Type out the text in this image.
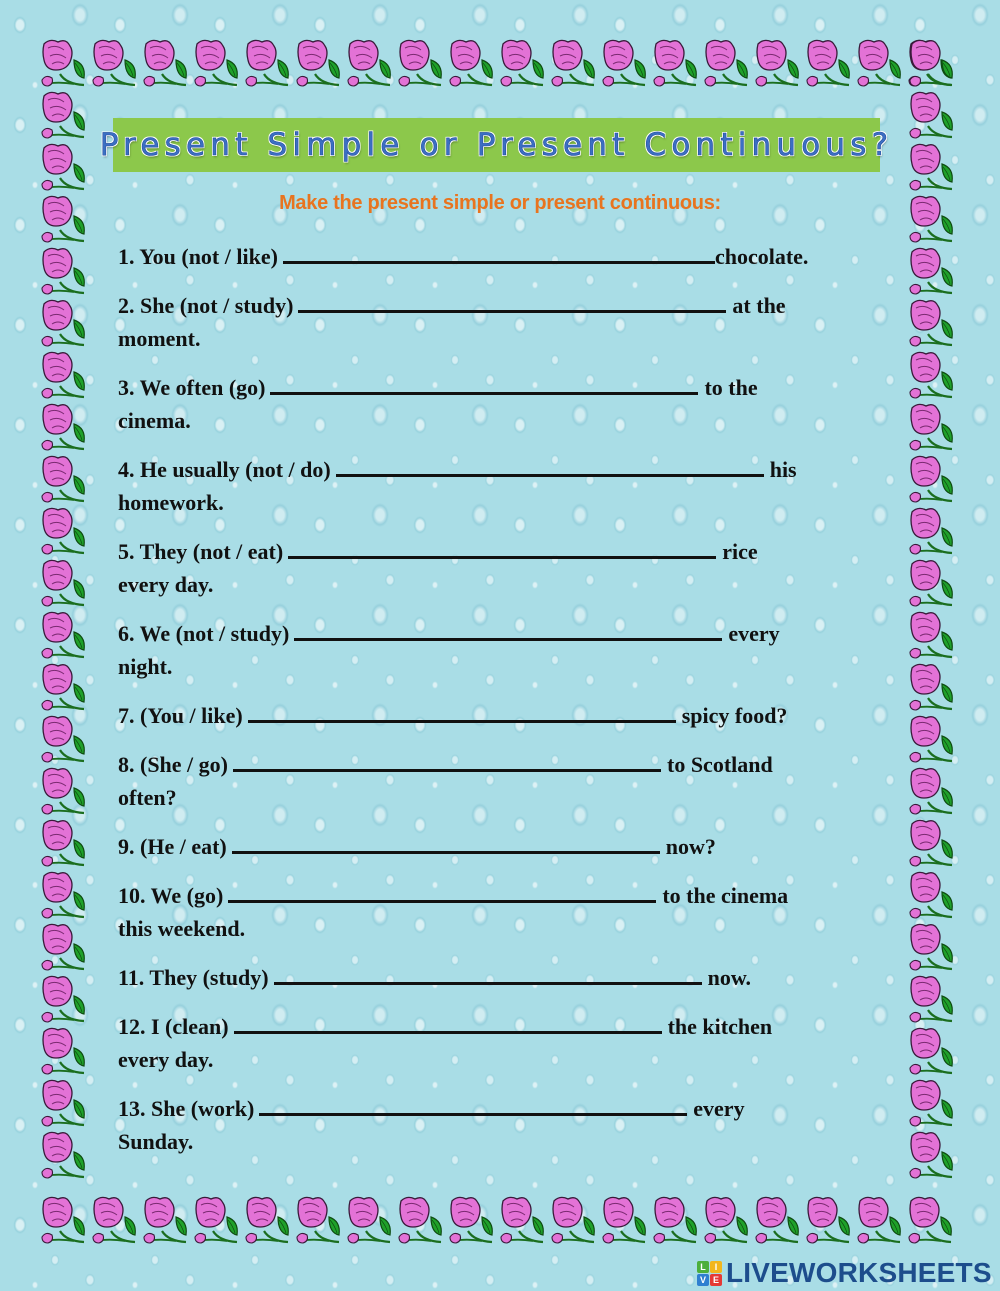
Present Simple or Present Continuous?
Make the present simple or present continuous:

1. You (not / like)	chocolate.

2. She (not / study)	at the
moment.

3. We often (go)	to the
cinema.

4. He usually (not / do)	his
homework.

5. They (not / eat)	rice
every day.

6. We (not / study)	every
night.

7. (You / like)	spicy food?

8. (She / go)	to Scotland
often?

9. (He / eat)	now?

10. We (go)	to the cinema
this weekend.

11. They (study)	now.

12. I (clean)	the kitchen
every day.

13. She (work)	every
Sunday.

L I
V E LIVEWORKSHEETS
